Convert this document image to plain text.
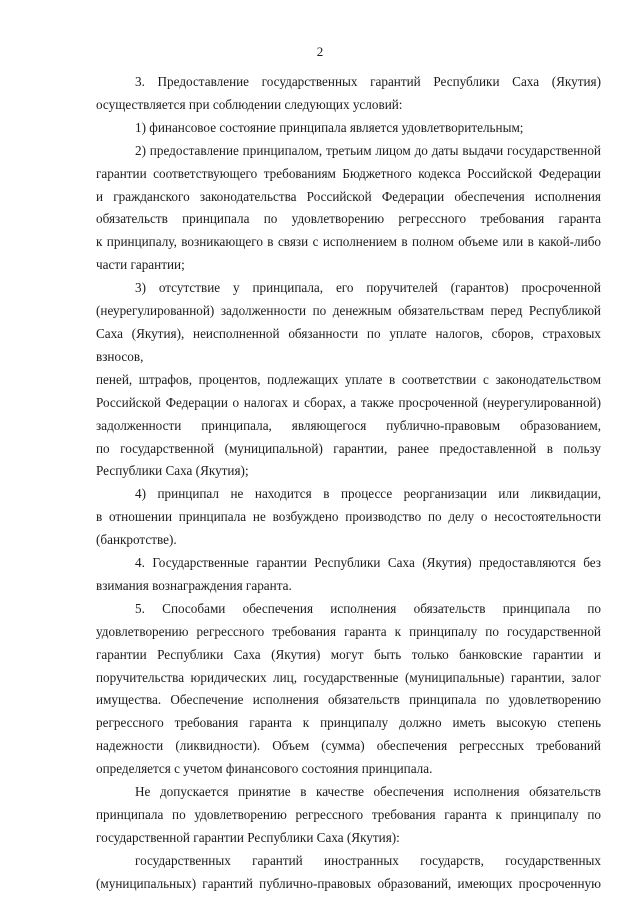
2
3. Предоставление государственных гарантий Республики Саха (Якутия)
осуществляется при соблюдении следующих условий:
1) финансовое состояние принципала является удовлетворительным;
2) предоставление принципалом, третьим лицом до даты выдачи государственной
гарантии соответствующего требованиям Бюджетного кодекса Российской Федерации
и гражданского законодательства Российской Федерации обеспечения исполнения
обязательств принципала по удовлетворению регрессного требования гаранта
к принципалу, возникающего в связи с исполнением в полном объеме или в какой-либо
части гарантии;
3) отсутствие у принципала, его поручителей (гарантов) просроченной
(неурегулированной) задолженности по денежным обязательствам перед Республикой
Саха (Якутия), неисполненной обязанности по уплате налогов, сборов, страховых взносов,
пеней, штрафов, процентов, подлежащих уплате в соответствии с законодательством
Российской Федерации о налогах и сборах, а также просроченной (неурегулированной)
задолженности принципала, являющегося публично-правовым образованием,
по государственной (муниципальной) гарантии, ранее предоставленной в пользу
Республики Саха (Якутия);
4) принципал не находится в процессе реорганизации или ликвидации,
в отношении принципала не возбуждено производство по делу о несостоятельности
(банкротстве).
4. Государственные гарантии Республики Саха (Якутия) предоставляются без
взимания вознаграждения гаранта.
5. Способами обеспечения исполнения обязательств принципала по
удовлетворению регрессного требования гаранта к принципалу по государственной
гарантии Республики Саха (Якутия) могут быть только банковские гарантии и
поручительства юридических лиц, государственные (муниципальные) гарантии, залог
имущества. Обеспечение исполнения обязательств принципала по удовлетворению
регрессного требования гаранта к принципалу должно иметь высокую степень
надежности (ликвидности). Объем (сумма) обеспечения регрессных требований
определяется с учетом финансового состояния принципала.
Не допускается принятие в качестве обеспечения исполнения обязательств
принципала по удовлетворению регрессного требования гаранта к принципалу по
государственной гарантии Республики Саха (Якутия):
государственных гарантий иностранных государств, государственных
(муниципальных) гарантий публично-правовых образований, имеющих просроченную
